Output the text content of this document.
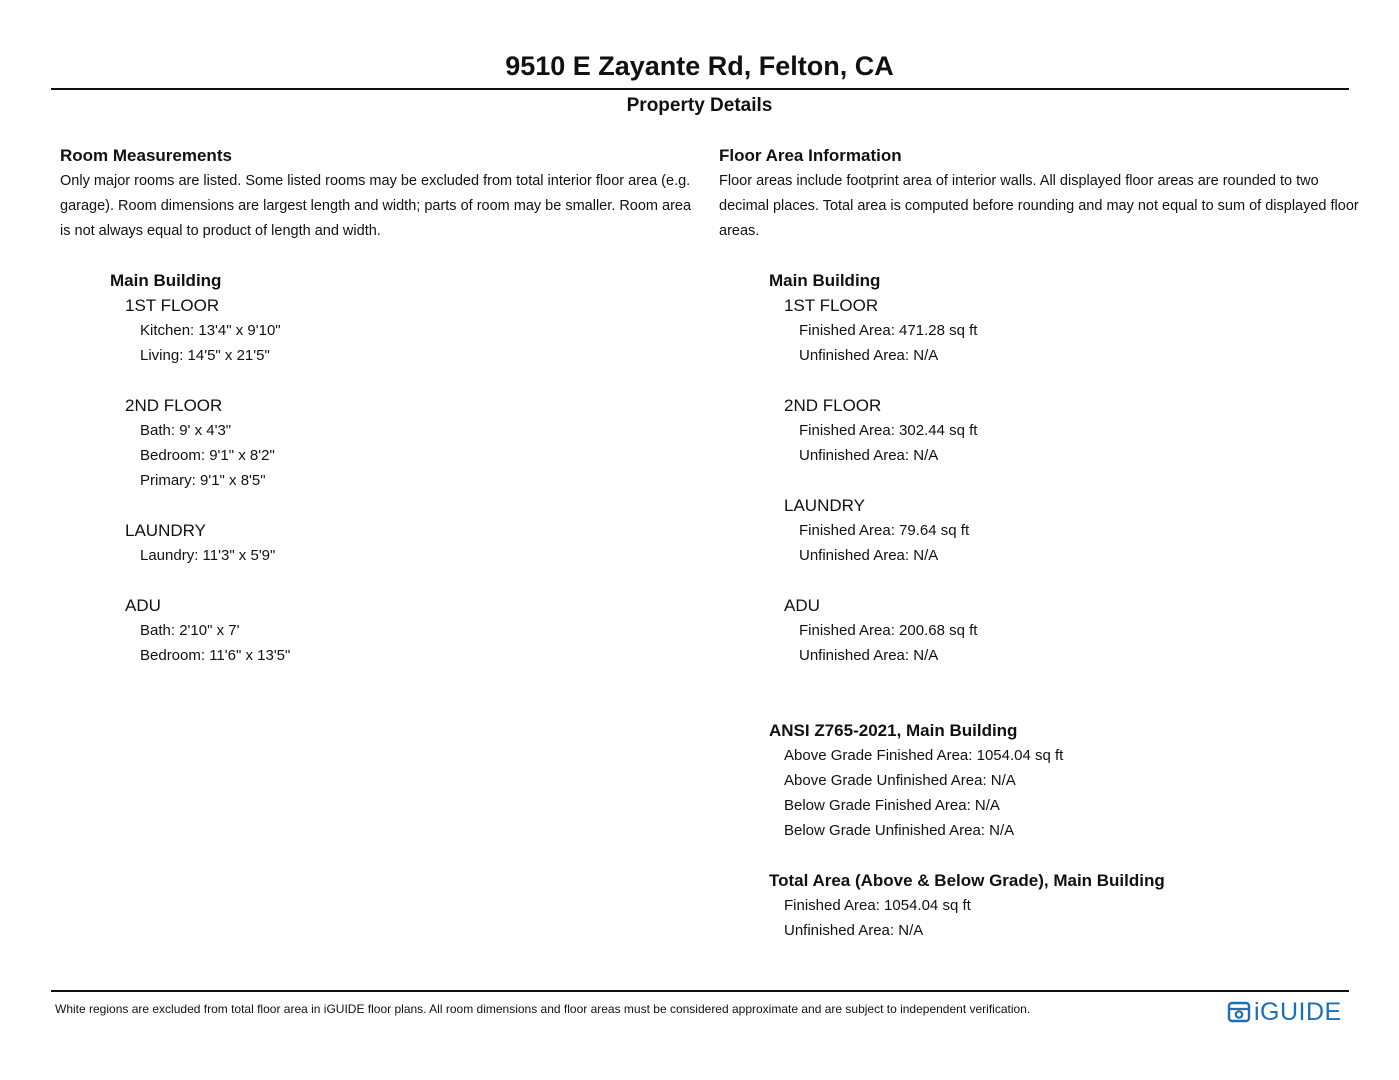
9510 E Zayante Rd, Felton, CA
Property Details
Room Measurements
Only major rooms are listed. Some listed rooms may be excluded from total interior floor area (e.g. garage). Room dimensions are largest length and width; parts of room may be smaller. Room area is not always equal to product of length and width.
Main Building
1ST FLOOR
Kitchen: 13'4" x 9'10"
Living: 14'5" x 21'5"
2ND FLOOR
Bath: 9' x 4'3"
Bedroom: 9'1" x 8'2"
Primary: 9'1" x 8'5"
LAUNDRY
Laundry: 11'3" x 5'9"
ADU
Bath: 2'10" x 7'
Bedroom: 11'6" x 13'5"
Floor Area Information
Floor areas include footprint area of interior walls. All displayed floor areas are rounded to two decimal places. Total area is computed before rounding and may not equal to sum of displayed floor areas.
Main Building
1ST FLOOR
Finished Area: 471.28 sq ft
Unfinished Area: N/A
2ND FLOOR
Finished Area: 302.44 sq ft
Unfinished Area: N/A
LAUNDRY
Finished Area: 79.64 sq ft
Unfinished Area: N/A
ADU
Finished Area: 200.68 sq ft
Unfinished Area: N/A
ANSI Z765-2021, Main Building
Above Grade Finished Area: 1054.04 sq ft
Above Grade Unfinished Area: N/A
Below Grade Finished Area: N/A
Below Grade Unfinished Area: N/A
Total Area (Above & Below Grade), Main Building
Finished Area: 1054.04 sq ft
Unfinished Area: N/A
White regions are excluded from total floor area in iGUIDE floor plans. All room dimensions and floor areas must be considered approximate and are subject to independent verification.	iGUIDE
